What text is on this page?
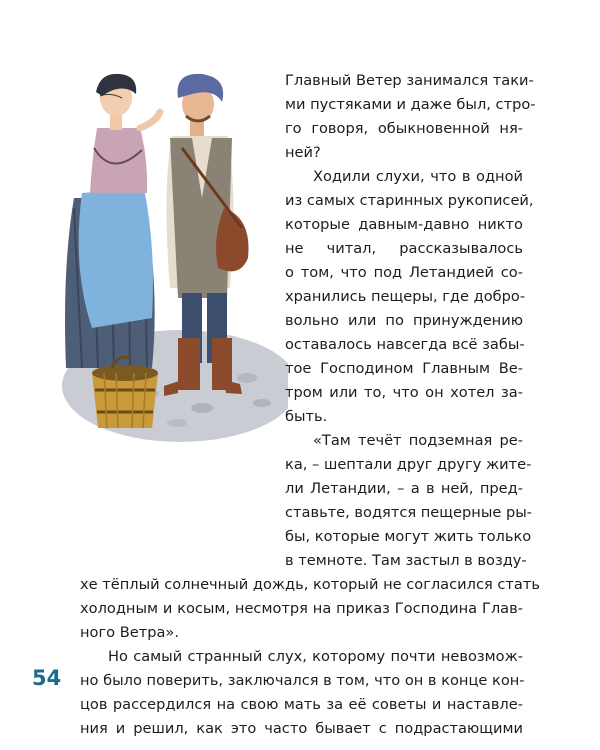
Главный Ветер занимался таки-
ми пустяками и даже был, стро-
го говоря, обыкновенной ня-
ней?
Ходили слухи, что в одной
из самых старинных рукописей,
которые давным-давно никто
не читал, рассказывалось
о том, что под Летандией со-
хранились пещеры, где добро-
вольно или по принуждению
оставалось навсегда всё забы-
тое Господином Главным Ве-
тром или то, что он хотел за-
быть.
«Там течёт подземная ре-
ка, – шептали друг другу жите-
ли Летандии, – а в ней, пред-
ставьте, водятся пещерные ры-
бы, которые могут жить только
в темноте. Там застыл в возду-
хе тёплый солнечный дождь, который не согласился стать
холодным и косым, несмотря на приказ Господина Глав-
ного Ветра».
Но самый странный слух, которому почти невозмож-
но было поверить, заключался в том, что он в конце кон-
цов рассердился на свою мать за её советы и наставле-
ния и решил, как это часто бывает с подрастающими
54
